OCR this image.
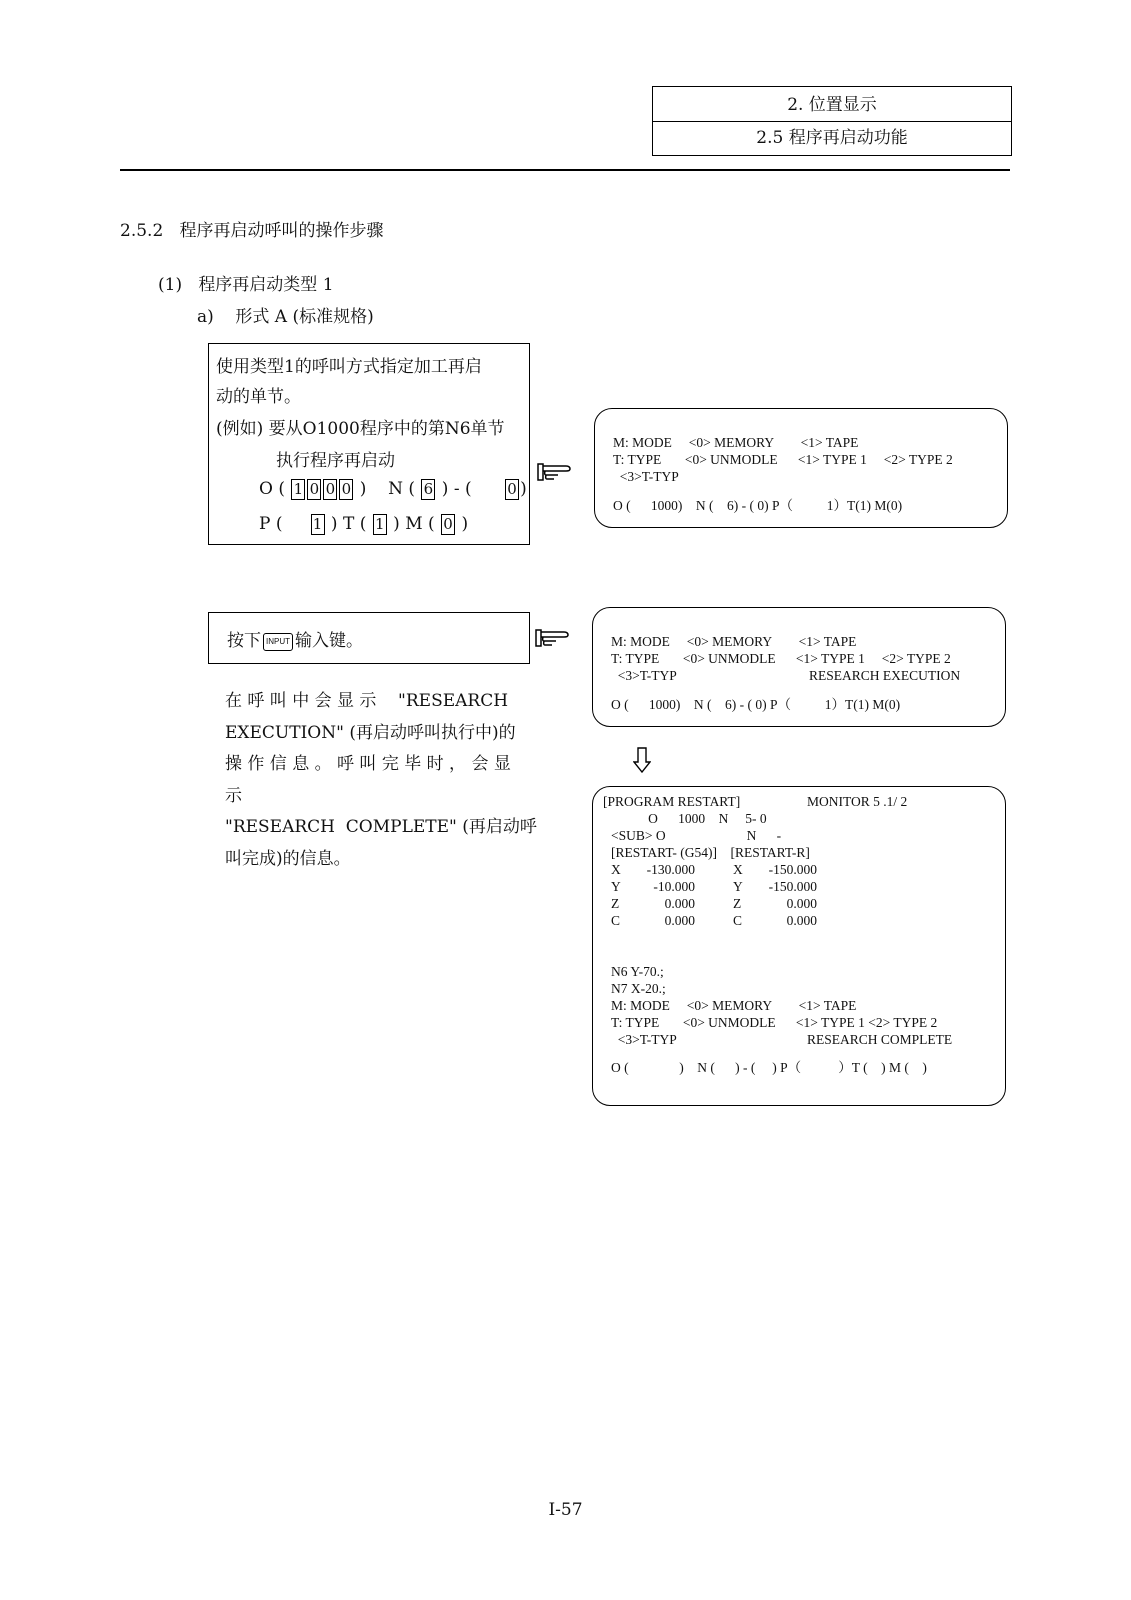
2. 位置显示
2.5 程序再启动功能
2.5.2 程序再启动呼叫的操作步骤
(1) 程序再启动类型 1
a) 形式 A (标准规格)
使用类型1的呼叫方式指定加工再启
动的单节。
(例如) 要从O1000程序中的第N6单节
执行程序再启动
O ( 1 0 0 0 ) N ( 6 ) - ( 0 )
P ( 1 ) T ( 1 ) M ( 0 )
M: MODE     <0> MEMORY        <1> TAPE
T: TYPE       <0> UNMODLE      <1> TYPE 1     <2> TYPE 2
<3>T-TYP
O (      1000)    N (    6) - ( 0) P（          1）T(1) M(0)
按下 INPUT 输入键。	M: MODE     <0> MEMORY        <1> TAPE
T: TYPE       <0> UNMODLE      <1> TYPE 1     <2> TYPE 2
<3>T-TYP	RESEARCH EXECUTION
O (      1000)    N (    6) - ( 0) P（          1）T(1) M(0)
在 呼 叫 中 会 显 示    "RESEARCH
EXECUTION" (再启动呼叫执行中)的
操 作 信 息 。 呼 叫 完 毕 时 ， 会 显 示
"RESEARCH  COMPLETE" (再启动呼
叫完成)的信息。
[PROGRAM RESTART]	MONITOR 5 .1/ 2
O      1000    N     5- 0
<SUB> O                        N      -
[RESTART- (G54)]    [RESTART-R]
X	-130.000	X	-150.000
Y	-10.000	Y	-150.000
Z	0.000	Z	0.000
C	0.000	C	0.000
N6 Y-70.;
N7 X-20.;
M: MODE     <0> MEMORY        <1> TAPE
T: TYPE       <0> UNMODLE      <1> TYPE 1 <2> TYPE 2
<3>T-TYP	RESEARCH COMPLETE
O (               )    N (      ) - (     ) P（           ）T (    ) M (    )
I-57
